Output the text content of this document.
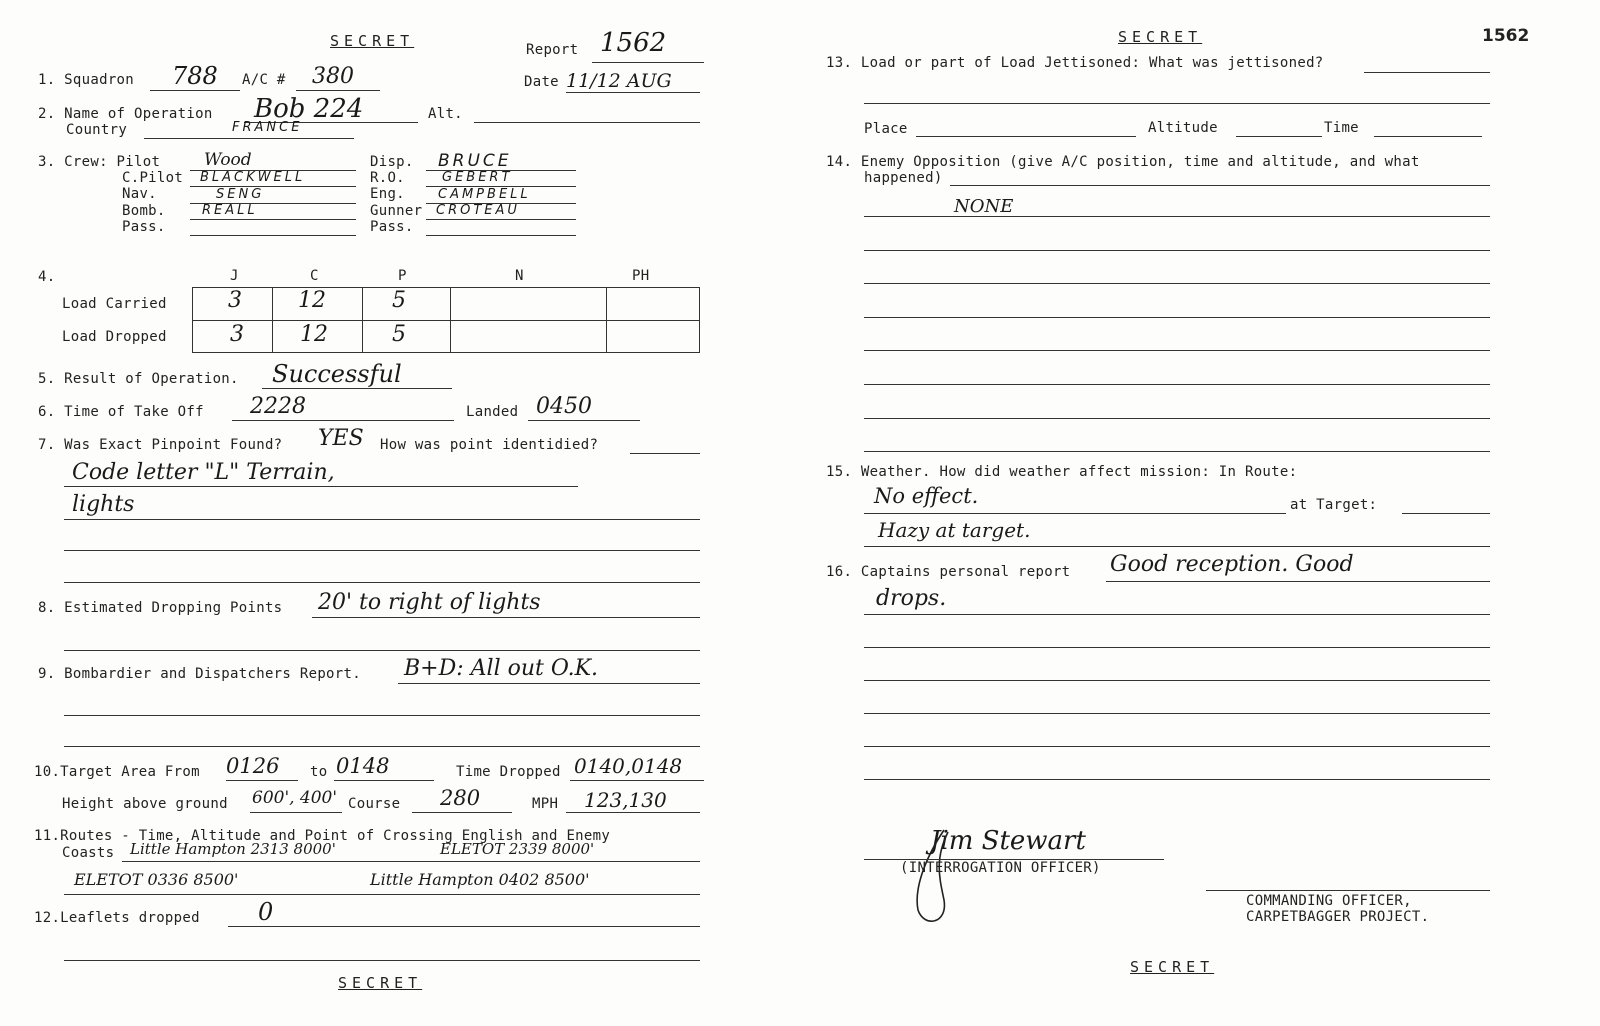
SECRET	Report 1562
Date 11/12 AUG
1. Squadron 788 A/C # 380
2. Name of Operation Bob 224	Alt.
Country	FRANCE
3. Crew: Pilot	Wood
C.Pilot BLACKWELL
Nav.	SENG
Bomb.	REALL
Pass.
Disp. BRUCE
R.O.	GEBERT
Eng.	CAMPBELL
Gunner CROTEAU
Pass.
4.	J	C	P	N	PH
Load Carried	3	12	5
Load Dropped	3	12	5
5. Result of Operation. Successful
6. Time of Take Off 2228	Landed 0450
7. Was Exact Pinpoint Found? YES How was point identidied?
Code letter "L" Terrain,
lights
8. Estimated Dropping Points 20' to right of lights
9. Bombardier and Dispatchers Report. B+D: All out O.K.
10.Target Area From 0126 to 0148	Time Dropped 0140,0148
Height above ground 600', 400' Course 280	MPH 123,130
11.Routes - Time, Altitude and Point of Crossing English and Enemy
Coasts Little Hampton 2313 8000'	ELETOT 2339 8000'
ELETOT 0336 8500'	Little Hampton 0402 8500'
12.Leaflets dropped 0
SECRET
SECRET	1562
13. Load or part of Load Jettisoned: What was jettisoned?
Place	Altitude	Time
14. Enemy Opposition (give A/C position, time and altitude, and what
happened)
NONE
15. Weather. How did weather affect mission: In Route:
No effect.	at Target:
Hazy at target.
16. Captains personal report Good reception. Good
drops.
Jim Stewart
(INTERROGATION OFFICER)
COMMANDING OFFICER,
CARPETBAGGER PROJECT.
SECRET
